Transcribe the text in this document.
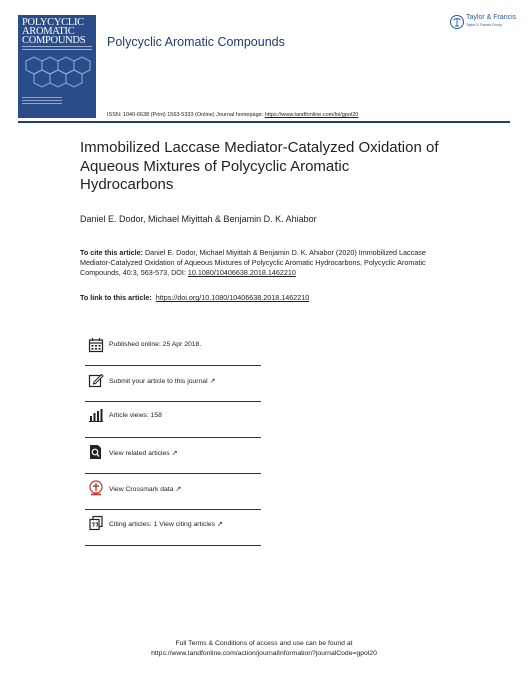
POLYCYCLIC
AROMATIC
COMPOUNDS	Polycyclic Aromatic Compounds
Taylor & Francis
Taylor & Francis Group
ISSN: 1040-6638 (Print) 1563-5333 (Online) Journal homepage: https://www.tandfonline.com/loi/gpol20
Immobilized Laccase Mediator-Catalyzed Oxidation of Aqueous Mixtures of Polycyclic Aromatic Hydrocarbons
Daniel E. Dodor, Michael Miyittah & Benjamin D. K. Ahiabor
To cite this article: Daniel E. Dodor, Michael Miyittah & Benjamin D. K. Ahiabor (2020) Immobilized Laccase Mediator-Catalyzed Oxidation of Aqueous Mixtures of Polycyclic Aromatic Hydrocarbons, Polycyclic Aromatic Compounds, 40:3, 563-573, DOI: 10.1080/10406638.2018.1462210
To link to this article: https://doi.org/10.1080/10406638.2018.1462210
Published online: 25 Apr 2018.
Submit your article to this journal ↗
Article views: 158
View related articles ↗
View Crossmark data ↗
Citing articles: 1 View citing articles ↗
Full Terms & Conditions of access and use can be found at
https://www.tandfonline.com/action/journalInformation?journalCode=gpol20
